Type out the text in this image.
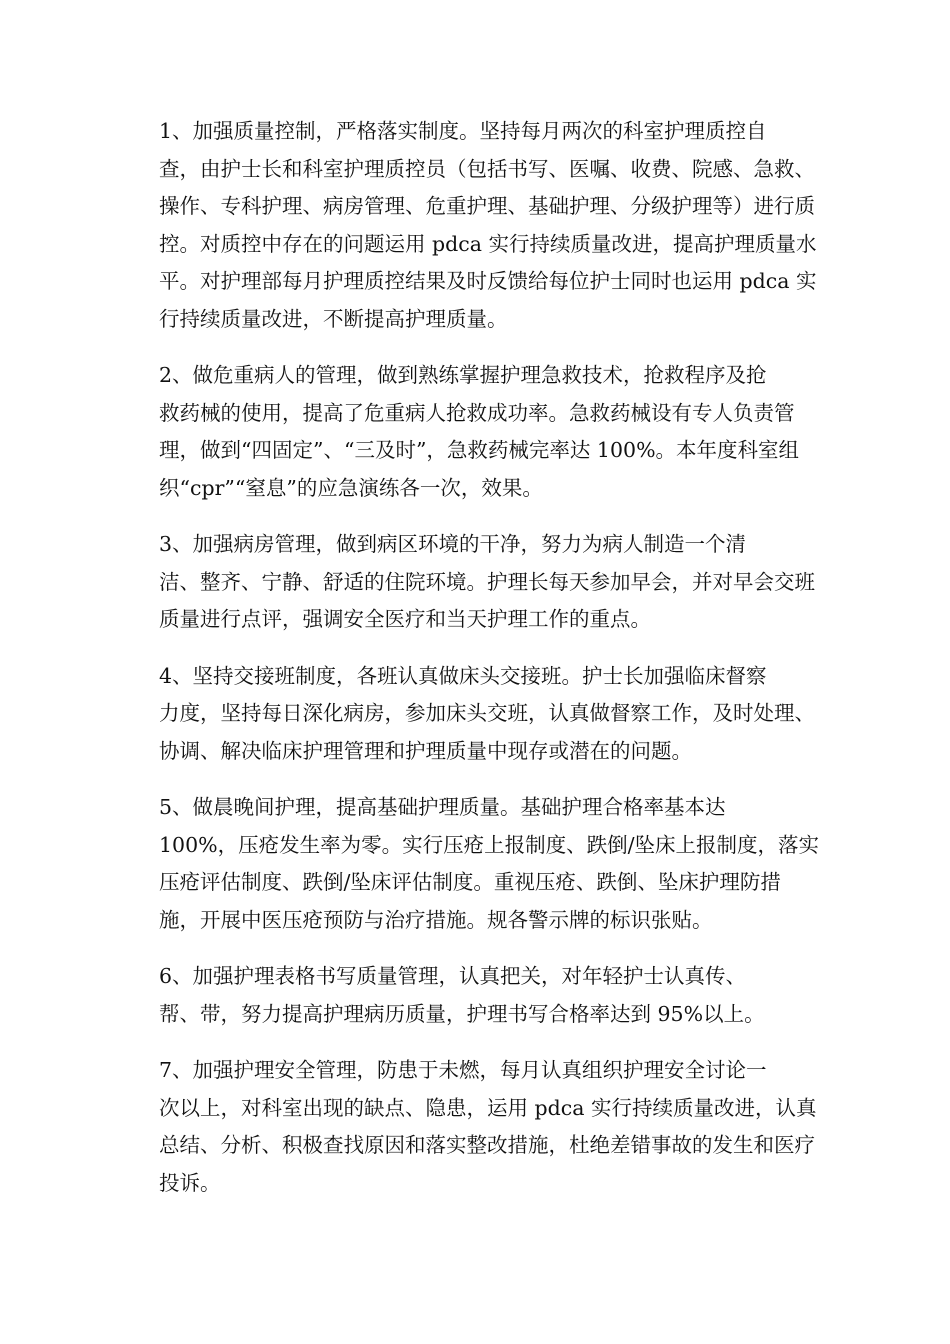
1、加强质量控制，严格落实制度。坚持每月两次的科室护理质控自
查，由护士长和科室护理质控员（包括书写、医嘱、收费、院感、急救、
操作、专科护理、病房管理、危重护理、基础护理、分级护理等）进行质
控。对质控中存在的问题运用 pdca 实行持续质量改进，提高护理质量水
平。对护理部每月护理质控结果及时反馈给每位护士同时也运用 pdca 实
行持续质量改进，不断提高护理质量。

2、做危重病人的管理，做到熟练掌握护理急救技术，抢救程序及抢
救药械的使用，提高了危重病人抢救成功率。急救药械设有专人负责管
理，做到“四固定”、“三及时”，急救药械完率达 100%。本年度科室组
织“cpr”“窒息”的应急演练各一次，效果。

3、加强病房管理，做到病区环境的干净，努力为病人制造一个清
洁、整齐、宁静、舒适的住院环境。护理长每天参加早会，并对早会交班
质量进行点评，强调安全医疗和当天护理工作的重点。

4、坚持交接班制度，各班认真做床头交接班。护士长加强临床督察
力度，坚持每日深化病房，参加床头交班，认真做督察工作，及时处理、
协调、解决临床护理管理和护理质量中现存或潜在的问题。

5、做晨晚间护理，提高基础护理质量。基础护理合格率基本达
100%，压疮发生率为零。实行压疮上报制度、跌倒/坠床上报制度，落实
压疮评估制度、跌倒/坠床评估制度。重视压疮、跌倒、坠床护理防措
施，开展中医压疮预防与治疗措施。规各警示牌的标识张贴。

6、加强护理表格书写质量管理，认真把关，对年轻护士认真传、
帮、带，努力提高护理病历质量，护理书写合格率达到 95%以上。

7、加强护理安全管理，防患于未燃，每月认真组织护理安全讨论一
次以上，对科室出现的缺点、隐患，运用 pdca 实行持续质量改进，认真
总结、分析、积极查找原因和落实整改措施，杜绝差错事故的发生和医疗
投诉。
